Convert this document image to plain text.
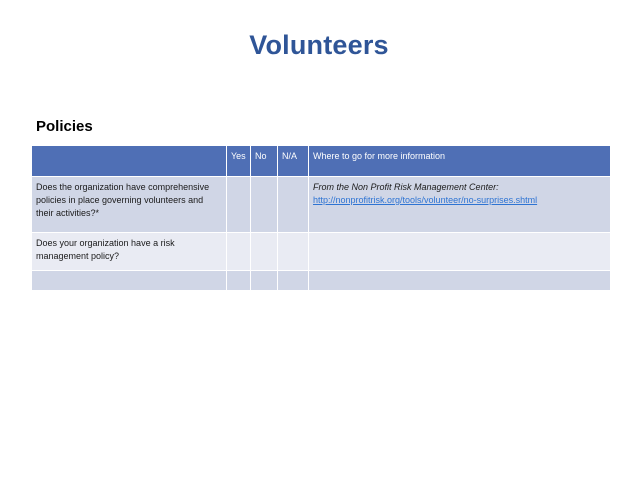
Volunteers
Policies
	Yes	No	N/A	Where to go for more information
Does the organization have comprehensive policies in place governing volunteers and their activities?*				From the Non Profit Risk Management Center:
http://nonprofitrisk.org/tools/volunteer/no-surprises.shtml

Does your organization have a risk management policy?				
